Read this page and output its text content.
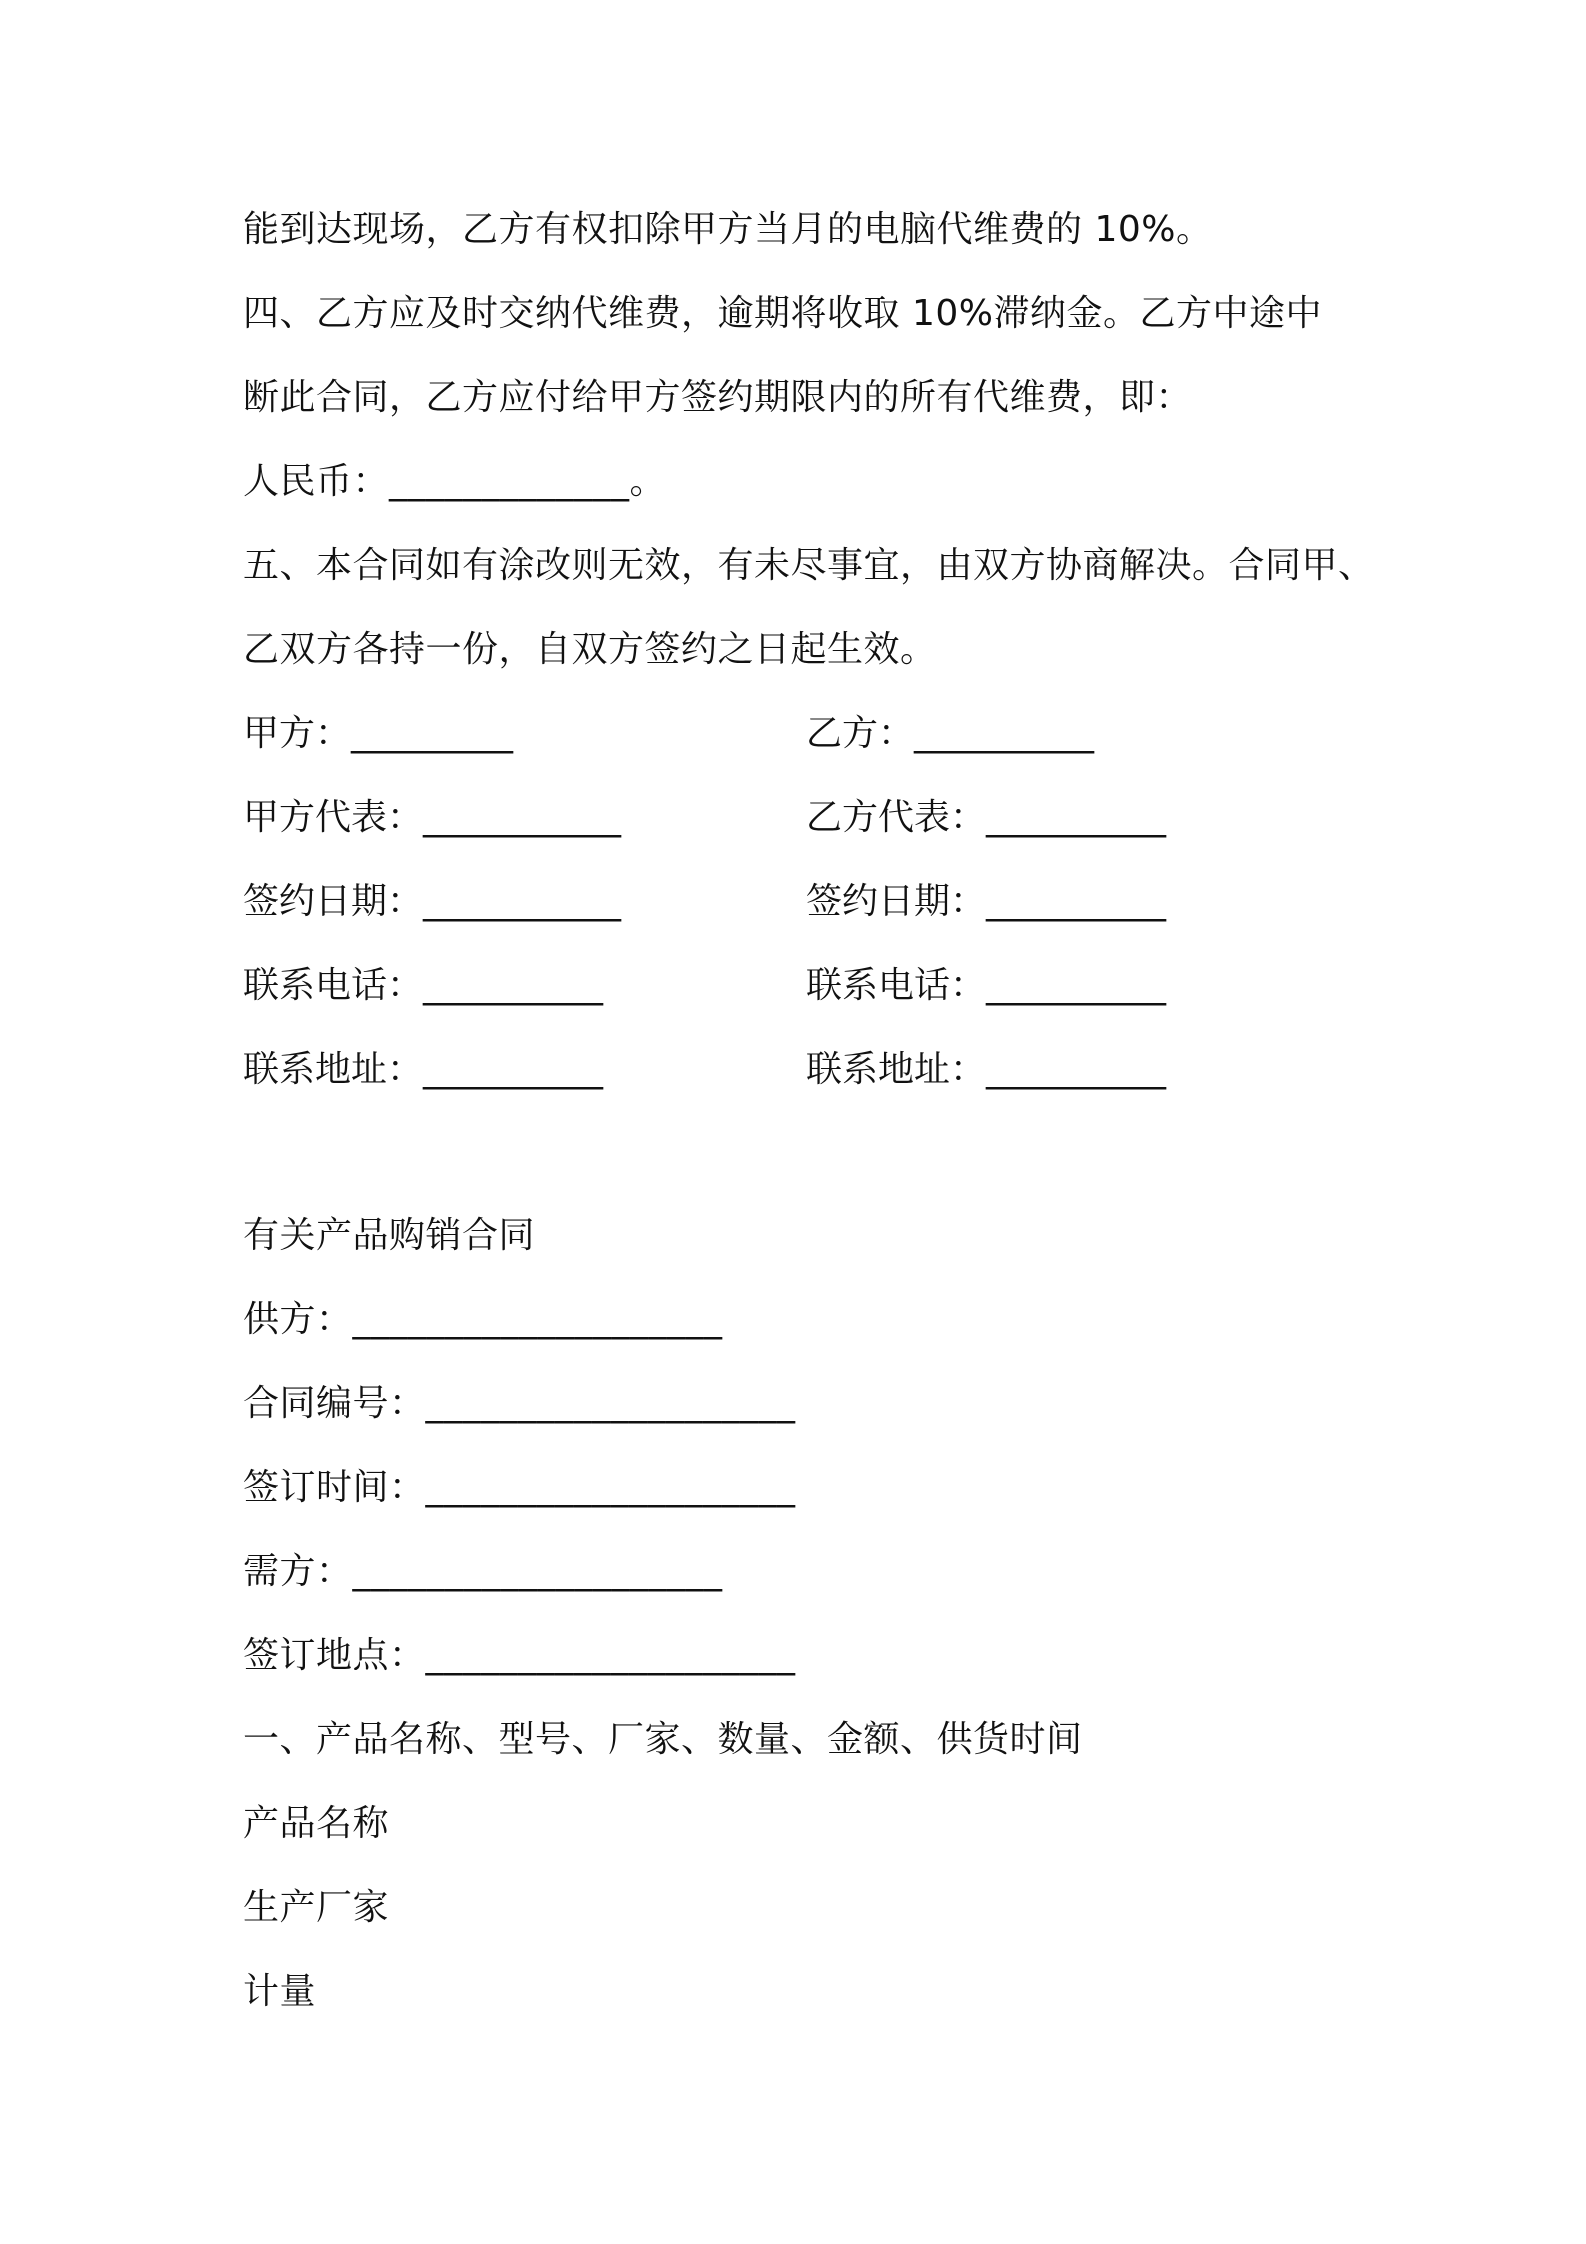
能到达现场，乙方有权扣除甲方当月的电脑代维费的 10%。
四、乙方应及时交纳代维费，逾期将收取 10%滞纳金。乙方中途中
断此合同，乙方应付给甲方签约期限内的所有代维费，即：
人民币：_____________。
五、本合同如有涂改则无效，有未尽事宜，由双方协商解决。合同甲、
乙双方各持一份，自双方签约之日起生效。
甲方：_________	乙方：__________
甲方代表：___________	乙方代表：__________
签约日期：___________	签约日期：__________
联系电话：__________	联系电话：__________
联系地址：__________	联系地址：__________
有关产品购销合同
供方：____________________
合同编号：____________________
签订时间：____________________
需方：____________________
签订地点：____________________
一、产品名称、型号、厂家、数量、金额、供货时间
产品名称
生产厂家
计量
